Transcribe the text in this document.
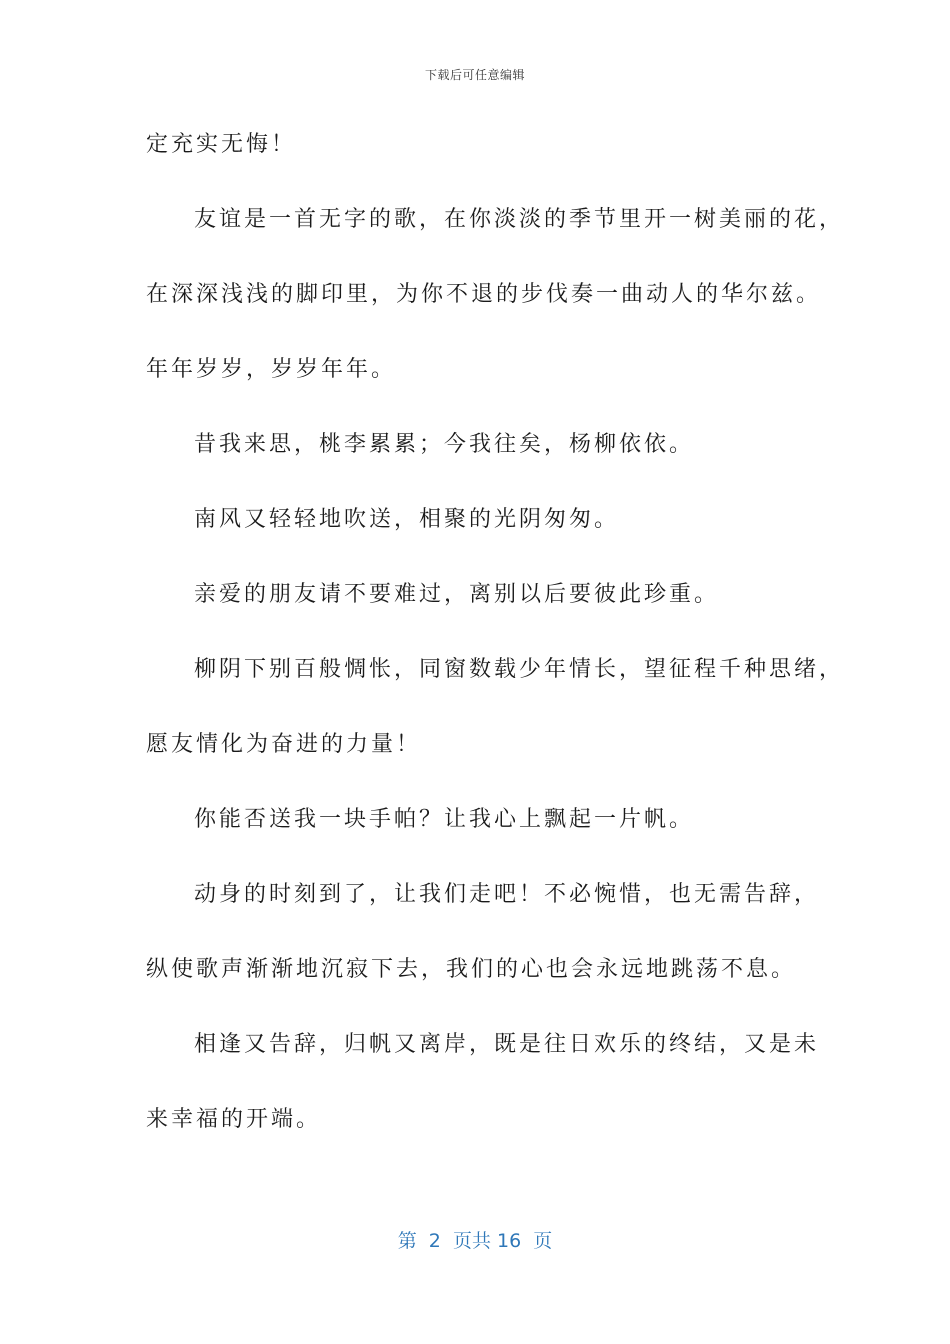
下载后可任意编辑
定充实无悔！
友谊是一首无字的歌，在你淡淡的季节里开一树美丽的花，
在深深浅浅的脚印里，为你不退的步伐奏一曲动人的华尔兹。
年年岁岁，岁岁年年。
昔我来思，桃李累累；今我往矣，杨柳依依。
南风又轻轻地吹送，相聚的光阴匆匆。
亲爱的朋友请不要难过，离别以后要彼此珍重。
柳阴下别百般惆怅，同窗数载少年情长，望征程千种思绪，
愿友情化为奋进的力量！
你能否送我一块手帕？让我心上飘起一片帆。
动身的时刻到了，让我们走吧！不必惋惜，也无需告辞，
纵使歌声渐渐地沉寂下去，我们的心也会永远地跳荡不息。
相逢又告辞，归帆又离岸，既是往日欢乐的终结，又是未
来幸福的开端。
第  2  页共 16  页
